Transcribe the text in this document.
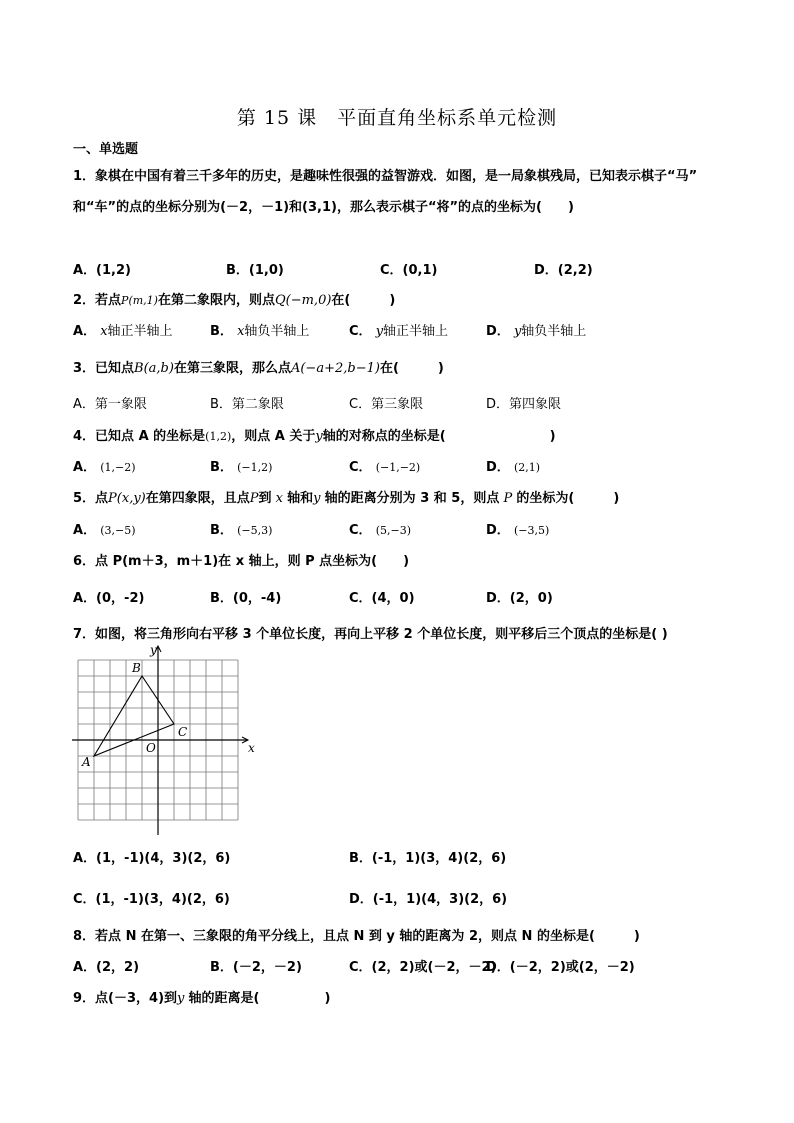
第 15 课　平面直角坐标系单元检测
一、单选题
1．象棋在中国有着三千多年的历史，是趣味性很强的益智游戏．如图，是一局象棋残局，已知表示棋子“马”
和“车”的点的坐标分别为(－2，－1)和(3,1)，那么表示棋子“将”的点的坐标为(　　)
A．(1,2)	B．(1,0)	C．(0,1)	D．(2,2)
2．若点P(m,1)在第二象限内，则点Q(−m,0)在(　　　)
A． x轴正半轴上	B． x轴负半轴上	C． y轴正半轴上	D． y轴负半轴上
3．已知点B(a,b)在第三象限，那么点A(−a+2,b−1)在(　　　)
A．第一象限	B．第二象限	C．第三象限	D．第四象限
4．已知点 A 的坐标是(1,2)，则点 A 关于y轴的对称点的坐标是(　　　　　　　　)
A． (1,−2)	B． (−1,2)	C． (−1,−2)	D． (2,1)
5．点P(x,y)在第四象限，且点P到 x 轴和y 轴的距离分别为 3 和 5，则点 P 的坐标为(　　　)
A． (3,−5)	B． (−5,3)	C． (5,−3)	D． (−3,5)
6．点 P(m＋3，m＋1)在 x 轴上，则 P 点坐标为(　　)
A．(0，-2)	B．(0，-4)	C．(4，0)	D．(2，0)
7．如图，将三角形向右平移 3 个单位长度，再向上平移 2 个单位长度，则平移后三个顶点的坐标是( )
y
x
O
A
B
C
A．(1，-1)(4，3)(2，6)	B．(-1，1)(3，4)(2，6)
C．(1，-1)(3，4)(2，6)	D．(-1，1)(4，3)(2，6)
8．若点 N 在第一、三象限的角平分线上，且点 N 到 y 轴的距离为 2，则点 N 的坐标是(　　　)
A．(2，2)	B．(－2，－2)	C．(2，2)或(－2，－2)
D．(－2，2)或(2，－2)
9．点(－3，4)到y 轴的距离是(　　　　　)
